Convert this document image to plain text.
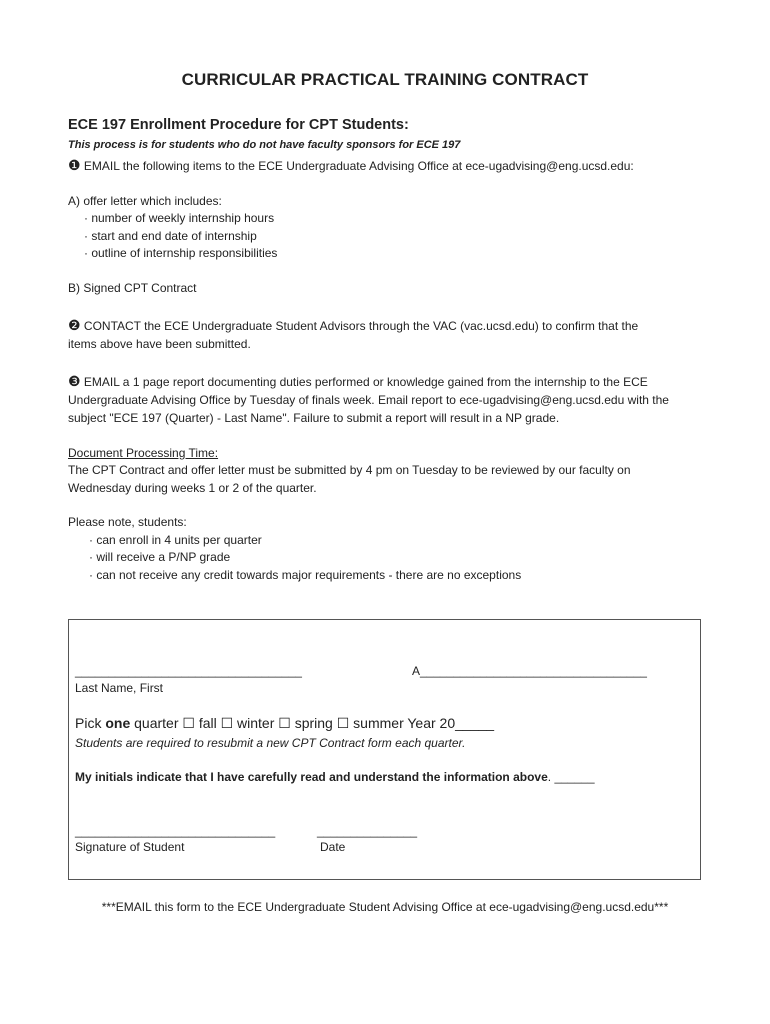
CURRICULAR PRACTICAL TRAINING CONTRACT
ECE 197 Enrollment Procedure for CPT Students:
This process is for students who do not have faculty sponsors for ECE 197
❶ EMAIL the following items to the ECE Undergraduate Advising Office at ece-ugadvising@eng.ucsd.edu:
A) offer letter which includes:
· number of weekly internship hours
· start and end date of internship
· outline of internship responsibilities
B) Signed CPT Contract
❷ CONTACT the ECE Undergraduate Student Advisors through the VAC (vac.ucsd.edu) to confirm that the
items above have been submitted.
❸ EMAIL a 1 page report documenting duties performed or knowledge gained from the internship to the ECE
Undergraduate Advising Office by Tuesday of finals week. Email report to ece-ugadvising@eng.ucsd.edu with the
subject "ECE 197 (Quarter) - Last Name". Failure to submit a report will result in a NP grade.
Document Processing Time:
The CPT Contract and offer letter must be submitted by 4 pm on Tuesday to be reviewed by our faculty on
Wednesday during weeks 1 or 2 of the quarter.
Please note, students:
· can enroll in 4 units per quarter
· will receive a P/NP grade
· can not receive any credit towards major requirements - there are no exceptions
__________________________________	A__________________________________
Last Name, First
Pick one quarter ☐ fall ☐ winter ☐ spring ☐ summer Year 20_____
Students are required to resubmit a new CPT Contract form each quarter.
My initials indicate that I have carefully read and understand the information above. ______
______________________________	_______________
Signature of Student	Date
***EMAIL this form to the ECE Undergraduate Student Advising Office at ece-ugadvising@eng.ucsd.edu***
